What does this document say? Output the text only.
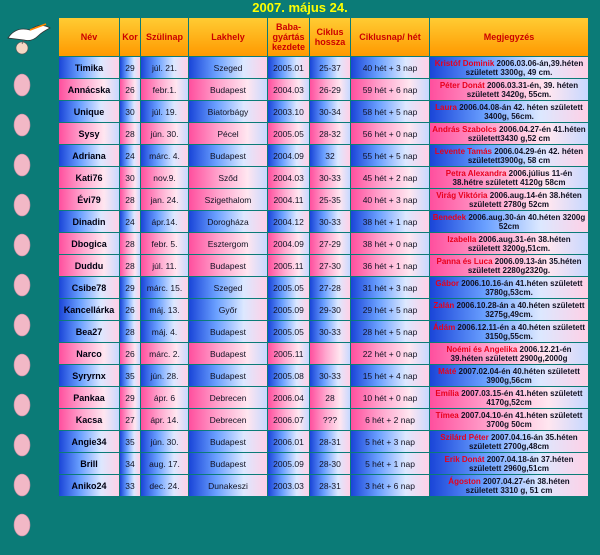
2007. május 24.
Név	Kor	Szülinap	Lakhely	Baba-gyártás kezdete	Ciklus hossza	Ciklusnap/ hét	Megjegyzés
Timika	29	júl. 21.	Szeged	2005.01	25-37	40 hét + 3 nap	Kristóf Dominik 2006.03.06-án,39.héten született 3300g, 49 cm.
Annácska	26	febr.1.	Budapest	2004.03	26-29	59 hét + 6 nap	Péter Donát 2006.03.31-én, 39. héten született 3420g, 55cm.
Unique	30	júl. 19.	Biatorbágy	2003.10	30-34	58 hét + 5 nap	Laura 2006.04.08-án 42. héten született 3400g, 56cm.
Sysy	28	jún. 30.	Pécel	2005.05	28-32	56 hét + 0 nap	András Szabolcs 2006.04.27-én 41.héten született3430 g,52 cm
Adriana	24	márc. 4.	Budapest	2004.09	32	55 hét + 5 nap	Levente Tamás 2006.04.29-én 42. héten született3900g, 58 cm
Kati76	30	nov.9.	Sződ	2004.03	30-33	45 hét + 2 nap	Petra Alexandra 2006.július 11-én 38.hétre született 4120g 58cm
Évi79	28	jan. 24.	Szigethalom	2004.11	25-35	40 hét + 3 nap	Virág Viktória 2006.aug.14-én 38.héten született 2780g 52cm
Dinadin	24	ápr.14.	Dorogháza	2004.12	30-33	38 hét + 1 nap	Benedek 2006.aug.30-án 40.héten 3200g 52cm
Dbogica	28	febr. 5.	Esztergom	2004.09	27-29	38 hét + 0 nap	Izabella 2006.aug.31-én 38.héten született 3200g,51cm.
Duddu	28	júl. 11.	Budapest	2005.11	27-30	36 hét + 1 nap	Panna és Luca 2006.09.13-án 35.héten született 2280g2320g.
Csibe78	29	márc. 15.	Szeged	2005.05	27-28	31 hét + 3 nap	Gábor 2006.10.16-án 41.héten született 3780g,53cm.
Kancellárka	26	máj. 13.	Győr	2005.09	29-30	29 hét + 5 nap	Zalán 2006.10.28-án a 40.héten született 3275g,49cm.
Bea27	28	máj. 4.	Budapest	2005.05	30-33	28 hét + 5 nap	Ádám 2006.12.11-én a 40.héten született 3150g,55cm.
Narco	26	márc. 2.	Budapest	2005.11		22 hét + 0 nap	Noémi és Angelika 2006.12.21-én 39.héten született 2900g,2000g
Syryrnx	35	jún. 28.	Budapest	2005.08	30-33	15 hét + 4 nap	Máté 2007.02.04-én 40.héten született 3900g,56cm
Pankaa	29	ápr. 6	Debrecen	2006.04	28	10 hét + 0 nap	Emília 2007.03.15-én 41.héten született 4170g,52cm
Kacsa	27	ápr. 14.	Debrecen	2006.07	???	6 hét + 2 nap	Tímea 2007.04.10-én 41.héten született 3700g 50cm
Angie34	35	jún. 30.	Budapest	2006.01	28-31	5 hét + 3 nap	Szilárd Péter 2007.04.16-án 35.héten született 2700g,48cm
Brill	34	aug. 17.	Budapest	2005.09	28-30	5 hét + 1 nap	Erik Donát 2007.04.18-án 37.héten született 2960g,51cm
Aniko24	33	dec. 24.	Dunakeszi	2003.03	28-31	3 hét + 6 nap	Ágoston 2007.04.27-én 38.héten született 3310 g, 51 cm
